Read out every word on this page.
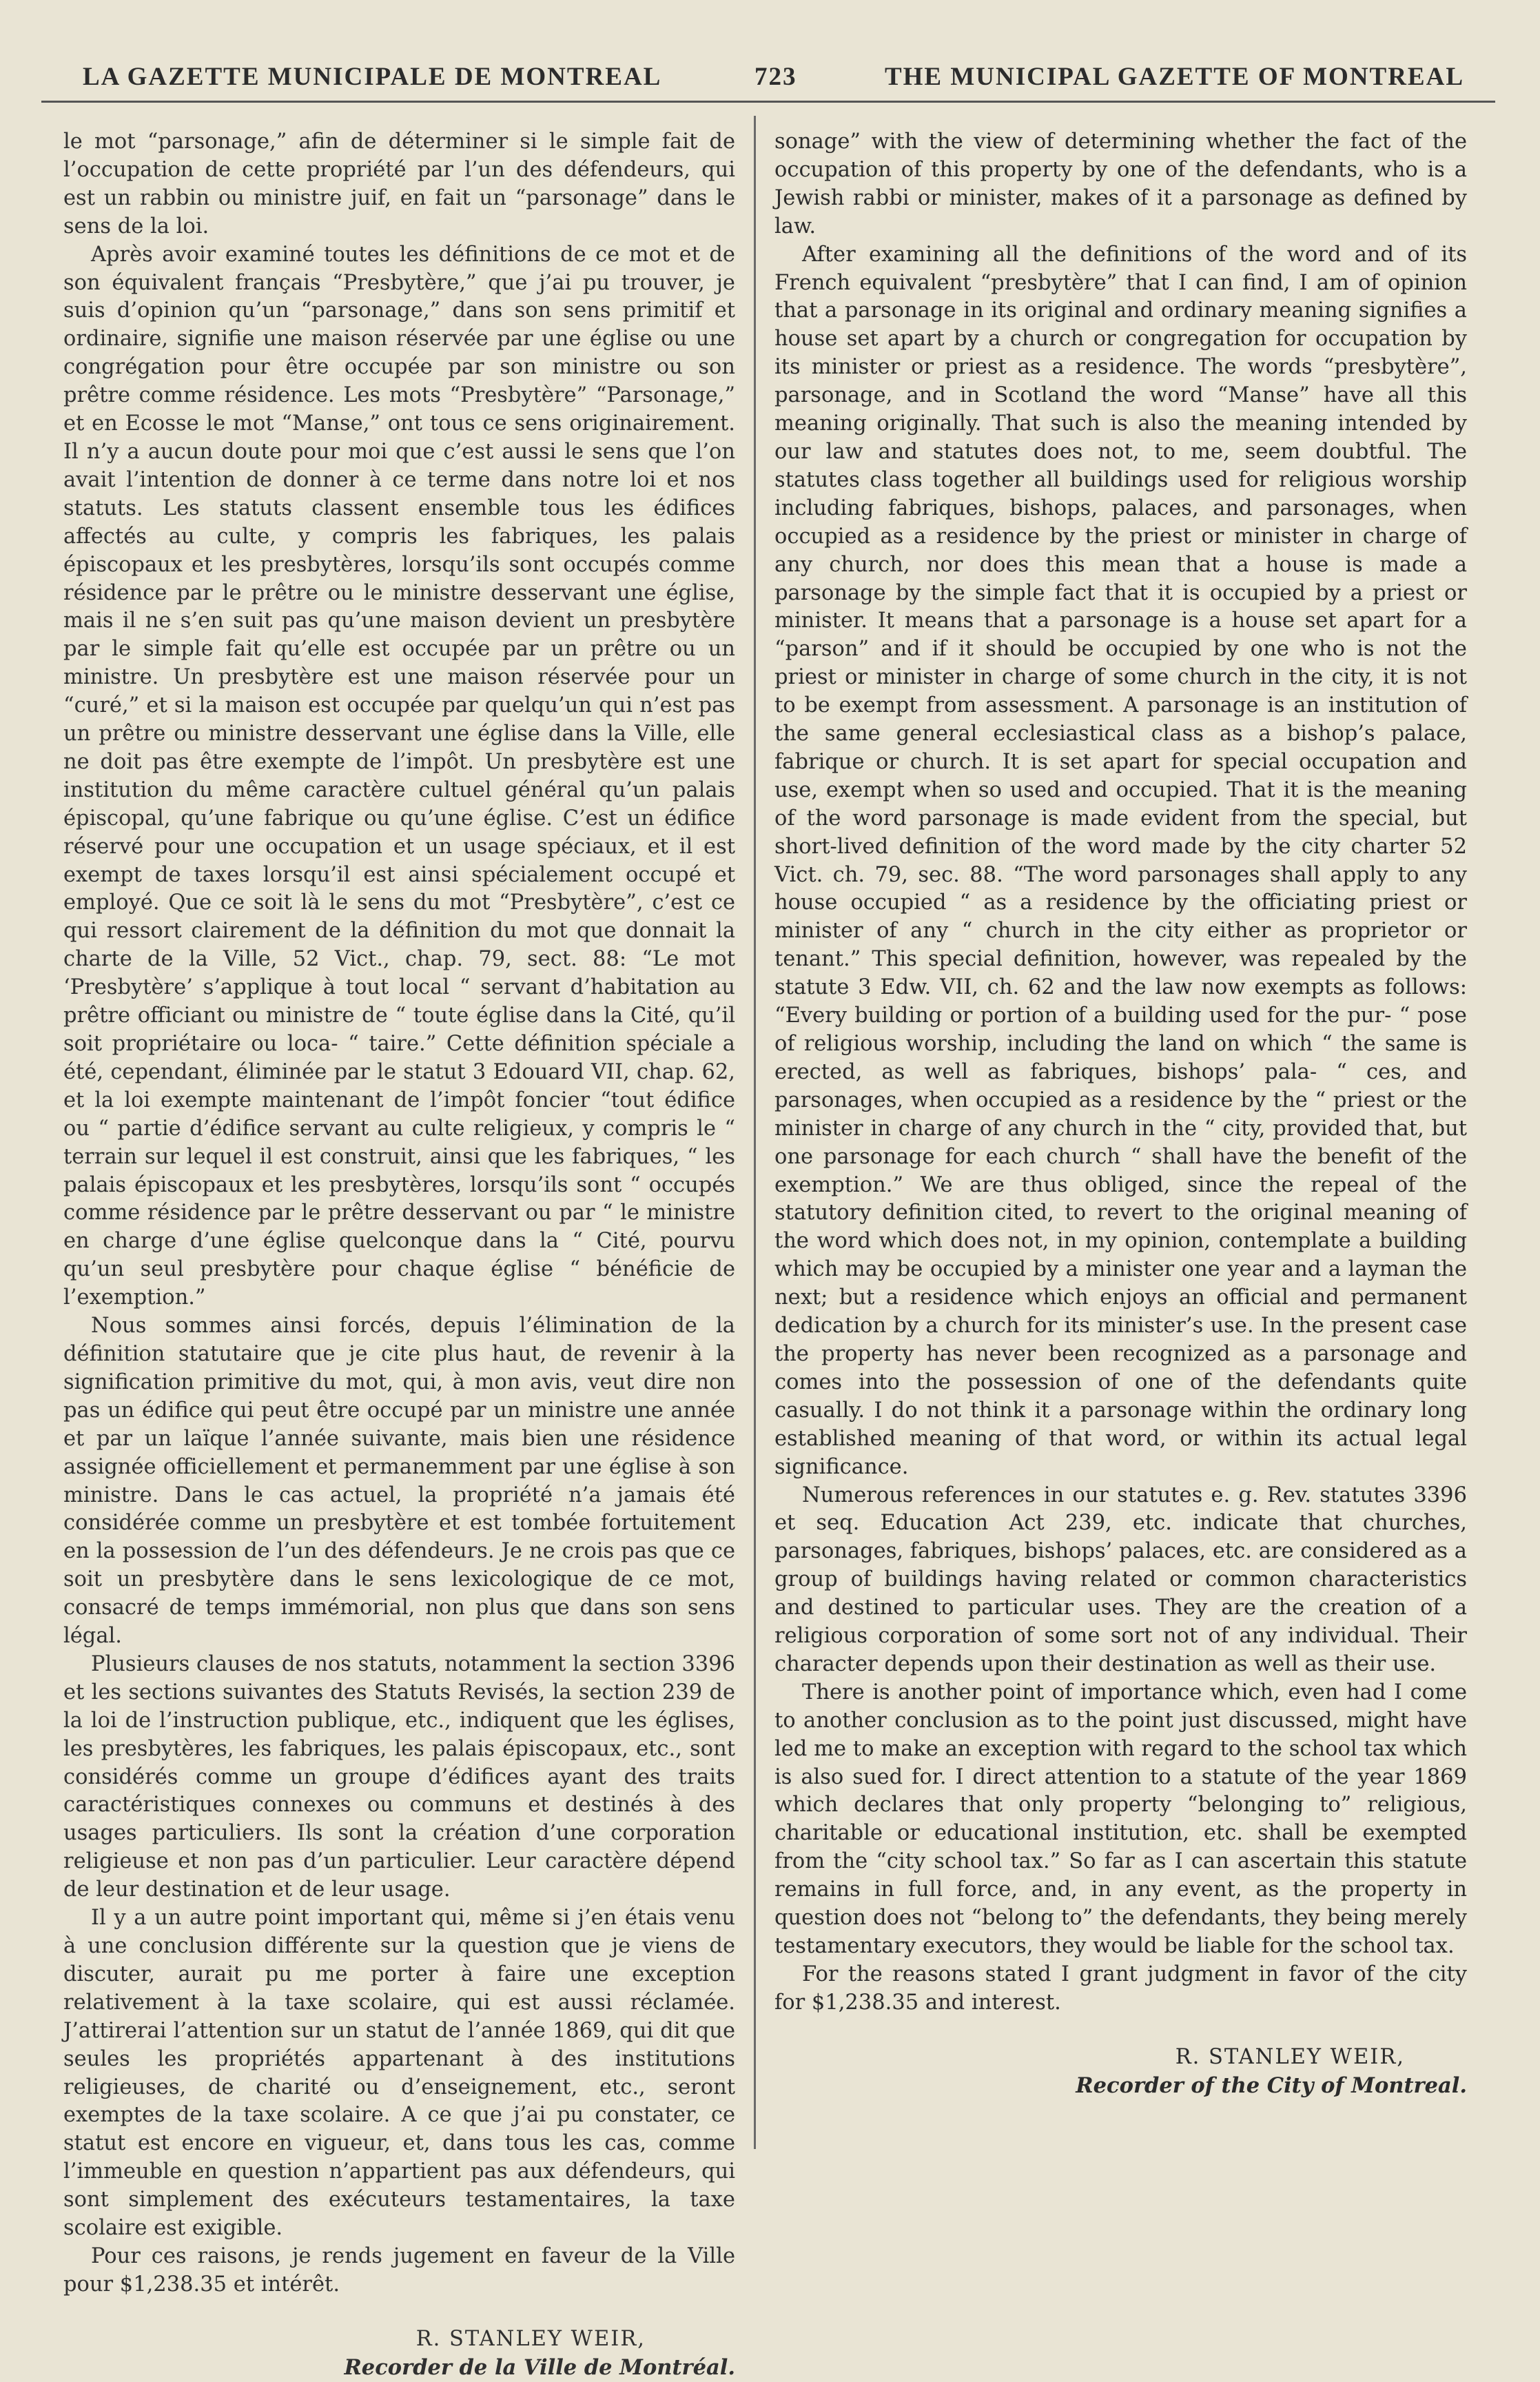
LA GAZETTE MUNICIPALE DE MONTREAL	723	THE MUNICIPAL GAZETTE OF MONTREAL

le mot “parsonage,” afin de déterminer si le simple fait de l’occupation de cette propriété par l’un des défendeurs, qui est un rabbin ou ministre juif, en fait un “parsonage” dans le sens de la loi.

Après avoir examiné toutes les définitions de ce mot et de son équivalent français “Presbytère,” que j’ai pu trouver, je suis d’opinion qu’un “parsonage,” dans son sens primitif et ordinaire, signifie une maison réservée par une église ou une congrégation pour être occupée par son ministre ou son prêtre comme résidence. Les mots “Presbytère” “Parsonage,” et en Ecosse le mot “Manse,” ont tous ce sens originairement. Il n’y a aucun doute pour moi que c’est aussi le sens que l’on avait l’intention de donner à ce terme dans notre loi et nos statuts. Les statuts classent ensemble tous les édifices affectés au culte, y compris les fabriques, les palais épiscopaux et les presbytères, lorsqu’ils sont occupés comme résidence par le prêtre ou le ministre desservant une église, mais il ne s’en suit pas qu’une maison devient un presbytère par le simple fait qu’elle est occupée par un prêtre ou un ministre. Un presbytère est une maison réservée pour un “curé,” et si la maison est occupée par quelqu’un qui n’est pas un prêtre ou ministre desservant une église dans la Ville, elle ne doit pas être exempte de l’impôt. Un presbytère est une institution du même caractère cultuel général qu’un palais épiscopal, qu’une fabrique ou qu’une église. C’est un édifice réservé pour une occupation et un usage spéciaux, et il est exempt de taxes lorsqu’il est ainsi spécialement occupé et employé. Que ce soit là le sens du mot “Presbytère”, c’est ce qui ressort clairement de la définition du mot que donnait la charte de la Ville, 52 Vict., chap. 79, sect. 88: “Le mot ‘Presbytère’ s’applique à tout local “ servant d’habitation au prêtre officiant ou ministre de “ toute église dans la Cité, qu’il soit propriétaire ou loca- “ taire.” Cette définition spéciale a été, cependant, éliminée par le statut 3 Edouard VII, chap. 62, et la loi exempte maintenant de l’impôt foncier “tout édifice ou “ partie d’édifice servant au culte religieux, y compris le “ terrain sur lequel il est construit, ainsi que les fabriques, “ les palais épiscopaux et les presbytères, lorsqu’ils sont “ occupés comme résidence par le prêtre desservant ou par “ le ministre en charge d’une église quelconque dans la “ Cité, pourvu qu’un seul presbytère pour chaque église “ bénéficie de l’exemption.”

Nous sommes ainsi forcés, depuis l’élimination de la définition statutaire que je cite plus haut, de revenir à la signification primitive du mot, qui, à mon avis, veut dire non pas un édifice qui peut être occupé par un ministre une année et par un laïque l’année suivante, mais bien une résidence assignée officiellement et permanemment par une église à son ministre. Dans le cas actuel, la propriété n’a jamais été considérée comme un presbytère et est tombée fortuitement en la possession de l’un des défendeurs. Je ne crois pas que ce soit un presbytère dans le sens lexicologique de ce mot, consacré de temps immémorial, non plus que dans son sens légal.

Plusieurs clauses de nos statuts, notamment la section 3396 et les sections suivantes des Statuts Revisés, la section 239 de la loi de l’instruction publique, etc., indiquent que les églises, les presbytères, les fabriques, les palais épiscopaux, etc., sont considérés comme un groupe d’édifices ayant des traits caractéristiques connexes ou communs et destinés à des usages particuliers. Ils sont la création d’une corporation religieuse et non pas d’un particulier. Leur caractère dépend de leur destination et de leur usage.

Il y a un autre point important qui, même si j’en étais venu à une conclusion différente sur la question que je viens de discuter, aurait pu me porter à faire une exception relativement à la taxe scolaire, qui est aussi réclamée. J’attirerai l’attention sur un statut de l’année 1869, qui dit que seules les propriétés appartenant à des institutions religieuses, de charité ou d’enseignement, etc., seront exemptes de la taxe scolaire. A ce que j’ai pu constater, ce statut est encore en vigueur, et, dans tous les cas, comme l’immeuble en question n’appartient pas aux défendeurs, qui sont simplement des exécuteurs testamentaires, la taxe scolaire est exigible.

Pour ces raisons, je rends jugement en faveur de la Ville pour $1,238.35 et intérêt.

R. STANLEY WEIR,
Recorder de la Ville de Montréal.

sonage” with the view of determining whether the fact of the occupation of this property by one of the defendants, who is a Jewish rabbi or minister, makes of it a parsonage as defined by law.

After examining all the definitions of the word and of its French equivalent “presbytère” that I can find, I am of opinion that a parsonage in its original and ordinary meaning signifies a house set apart by a church or congregation for occupation by its minister or priest as a residence. The words “presbytère”, parsonage, and in Scotland the word “Manse” have all this meaning originally. That such is also the meaning intended by our law and statutes does not, to me, seem doubtful. The statutes class together all buildings used for religious worship including fabriques, bishops, palaces, and parsonages, when occupied as a residence by the priest or minister in charge of any church, nor does this mean that a house is made a parsonage by the simple fact that it is occupied by a priest or minister. It means that a parsonage is a house set apart for a “parson” and if it should be occupied by one who is not the priest or minister in charge of some church in the city, it is not to be exempt from assessment. A parsonage is an institution of the same general ecclesiastical class as a bishop’s palace, fabrique or church. It is set apart for special occupation and use, exempt when so used and occupied. That it is the meaning of the word parsonage is made evident from the special, but short-lived definition of the word made by the city charter 52 Vict. ch. 79, sec. 88. “The word parsonages shall apply to any house occupied “ as a residence by the officiating priest or minister of any “ church in the city either as proprietor or tenant.” This special definition, however, was repealed by the statute 3 Edw. VII, ch. 62 and the law now exempts as follows: “Every building or portion of a building used for the pur- “ pose of religious worship, including the land on which “ the same is erected, as well as fabriques, bishops’ pala- “ ces, and parsonages, when occupied as a residence by the “ priest or the minister in charge of any church in the “ city, provided that, but one parsonage for each church “ shall have the benefit of the exemption.” We are thus obliged, since the repeal of the statutory definition cited, to revert to the original meaning of the word which does not, in my opinion, contemplate a building which may be occupied by a minister one year and a layman the next; but a residence which enjoys an official and permanent dedication by a church for its minister’s use. In the present case the property has never been recognized as a parsonage and comes into the possession of one of the defendants quite casually. I do not think it a parsonage within the ordinary long established meaning of that word, or within its actual legal significance.

Numerous references in our statutes e. g. Rev. statutes 3396 et seq. Education Act 239, etc. indicate that churches, parsonages, fabriques, bishops’ palaces, etc. are considered as a group of buildings having related or common characteristics and destined to particular uses. They are the creation of a religious corporation of some sort not of any individual. Their character depends upon their destination as well as their use.

There is another point of importance which, even had I come to another conclusion as to the point just discussed, might have led me to make an exception with regard to the school tax which is also sued for. I direct attention to a statute of the year 1869 which declares that only property “belonging to” religious, charitable or educational institution, etc. shall be exempted from the “city school tax.” So far as I can ascertain this statute remains in full force, and, in any event, as the property in question does not “belong to” the defendants, they being merely testamentary executors, they would be liable for the school tax.

For the reasons stated I grant judgment in favor of the city for $1,238.35 and interest.

R. STANLEY WEIR,
Recorder of the City of Montreal.
